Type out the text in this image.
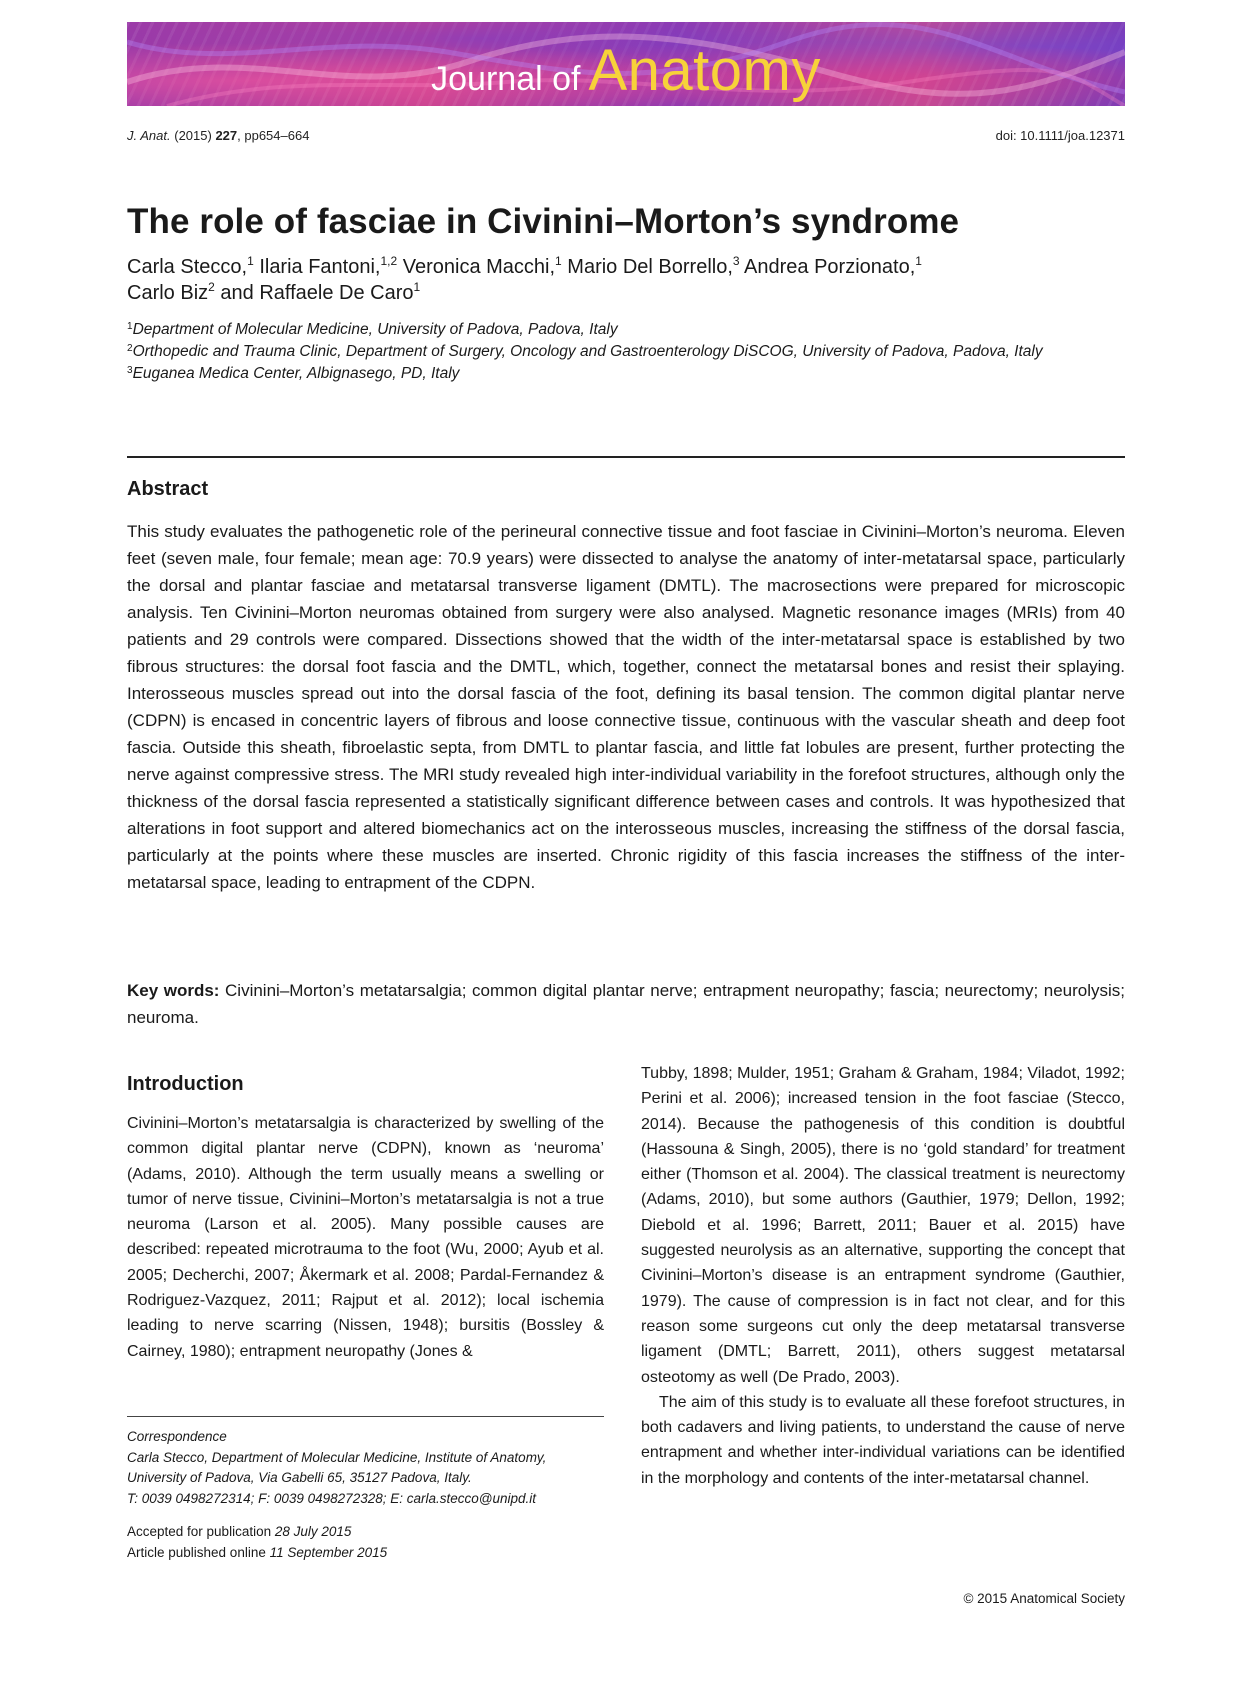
Journal of Anatomy
J. Anat. (2015) 227, pp654–664	doi: 10.1111/joa.12371
The role of fasciae in Civinini–Morton’s syndrome
Carla Stecco,$^1$ Ilaria Fantoni,$^{1,2}$ Veronica Macchi,$^1$ Mario Del Borrello,$^3$ Andrea Porzionato,$^1$
Carlo Biz$^2$ and Raffaele De Caro$^1$
$^1$Department of Molecular Medicine, University of Padova, Padova, Italy
$^2$Orthopedic and Trauma Clinic, Department of Surgery, Oncology and Gastroenterology DiSCOG, University of Padova, Padova, Italy
$^3$Euganea Medica Center, Albignasego, PD, Italy
Abstract

This study evaluates the pathogenetic role of the perineural connective tissue and foot fasciae in Civinini–Morton’s neuroma. Eleven feet (seven male, four female; mean age: 70.9 years) were dissected to analyse the anatomy of inter-metatarsal space, particularly the dorsal and plantar fasciae and metatarsal transverse ligament (DMTL). The macrosections were prepared for microscopic analysis. Ten Civinini–Morton neuromas obtained from surgery were also analysed. Magnetic resonance images (MRIs) from 40 patients and 29 controls were compared. Dissections showed that the width of the inter-metatarsal space is established by two fibrous structures: the dorsal foot fascia and the DMTL, which, together, connect the metatarsal bones and resist their splaying. Interosseous muscles spread out into the dorsal fascia of the foot, defining its basal tension. The common digital plantar nerve (CDPN) is encased in concentric layers of fibrous and loose connective tissue, continuous with the vascular sheath and deep foot fascia. Outside this sheath, fibroelastic septa, from DMTL to plantar fascia, and little fat lobules are present, further protecting the nerve against compressive stress. The MRI study revealed high inter-individual variability in the forefoot structures, although only the thickness of the dorsal fascia represented a statistically significant difference between cases and controls. It was hypothesized that alterations in foot support and altered biomechanics act on the interosseous muscles, increasing the stiffness of the dorsal fascia, particularly at the points where these muscles are inserted. Chronic rigidity of this fascia increases the stiffness of the inter-metatarsal space, leading to entrapment of the CDPN.

Key words: Civinini–Morton’s metatarsalgia; common digital plantar nerve; entrapment neuropathy; fascia; neurectomy; neurolysis; neuroma.

Introduction

Civinini–Morton’s metatarsalgia is characterized by swelling of the common digital plantar nerve (CDPN), known as ‘neuroma’ (Adams, 2010). Although the term usually means a swelling or tumor of nerve tissue, Civinini–Morton’s metatarsalgia is not a true neuroma (Larson et al. 2005). Many possible causes are described: repeated microtrauma to the foot (Wu, 2000; Ayub et al. 2005; Decherchi, 2007; Åkermark et al. 2008; Pardal-Fernandez & Rodriguez-Vazquez, 2011; Rajput et al. 2012); local ischemia leading to nerve scarring (Nissen, 1948); bursitis (Bossley & Cairney, 1980); entrapment neuropathy (Jones &

Tubby, 1898; Mulder, 1951; Graham & Graham, 1984; Viladot, 1992; Perini et al. 2006); increased tension in the foot fasciae (Stecco, 2014). Because the pathogenesis of this condition is doubtful (Hassouna & Singh, 2005), there is no ‘gold standard’ for treatment either (Thomson et al. 2004). The classical treatment is neurectomy (Adams, 2010), but some authors (Gauthier, 1979; Dellon, 1992; Diebold et al. 1996; Barrett, 2011; Bauer et al. 2015) have suggested neurolysis as an alternative, supporting the concept that Civinini–Morton’s disease is an entrapment syndrome (Gauthier, 1979). The cause of compression is in fact not clear, and for this reason some surgeons cut only the deep metatarsal transverse ligament (DMTL; Barrett, 2011), others suggest metatarsal osteotomy as well (De Prado, 2003).

The aim of this study is to evaluate all these forefoot structures, in both cadavers and living patients, to understand the cause of nerve entrapment and whether inter-individual variations can be identified in the morphology and contents of the inter-metatarsal channel.

Correspondence

Carla Stecco, Department of Molecular Medicine, Institute of Anatomy, University of Padova, Via Gabelli 65, 35127 Padova, Italy.

T: 0039 0498272314; F: 0039 0498272328; E: carla.stecco@unipd.it

Accepted for publication 28 July 2015

Article published online 11 September 2015

© 2015 Anatomical Society
